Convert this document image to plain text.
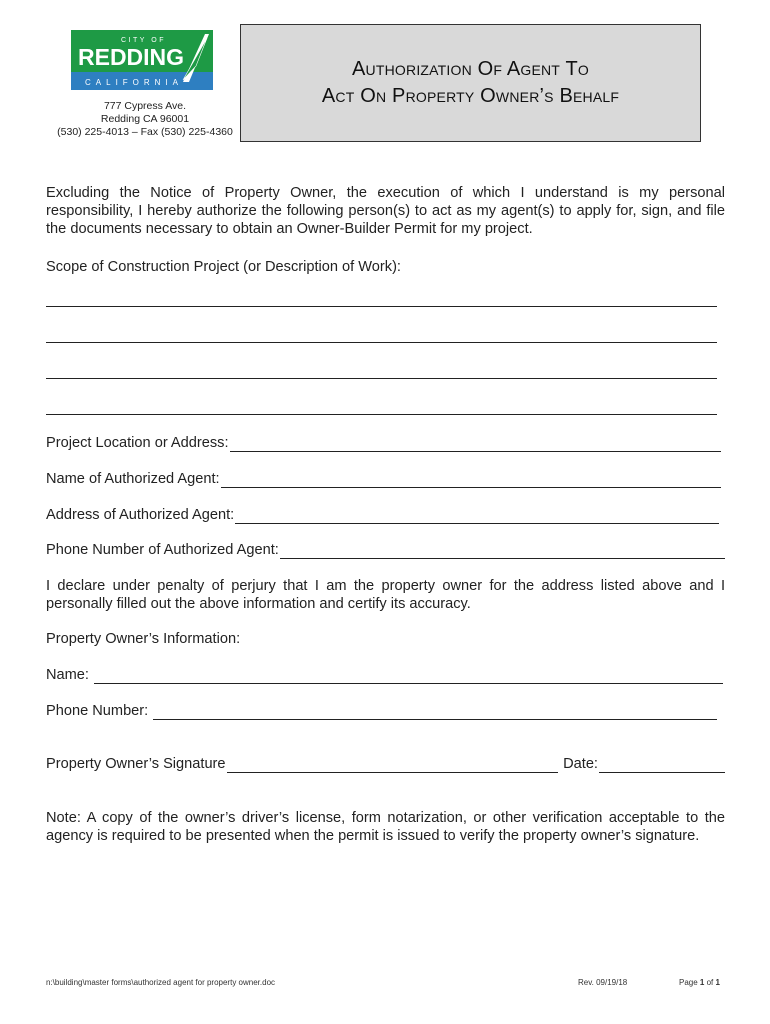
CITY OF
REDDING
CALIFORNIA
777 Cypress Ave.
Redding CA 96001
(530) 225-4013 – Fax (530) 225-4360
Authorization Of Agent To
Act On Property Owner’s Behalf
Excluding the Notice of Property Owner, the execution of which I understand is my personal responsibility, I hereby authorize the following person(s) to act as my agent(s) to apply for, sign, and file the documents necessary to obtain an Owner-Builder Permit for my project.
Scope of Construction Project (or Description of Work):
Project Location or Address:
Name of Authorized Agent:
Address of Authorized Agent:
Phone Number of Authorized Agent:
I declare under penalty of perjury that I am the property owner for the address listed above and I personally filled out the above information and certify its accuracy.
Property Owner’s Information:
Name:
Phone Number:
Property Owner’s Signature	Date:
Note: A copy of the owner’s driver’s license, form notarization, or other verification acceptable to the agency is required to be presented when the permit is issued to verify the property owner’s signature.
n:\building\master forms\authorized agent for property owner.doc	Rev. 09/19/18	Page 1 of 1
